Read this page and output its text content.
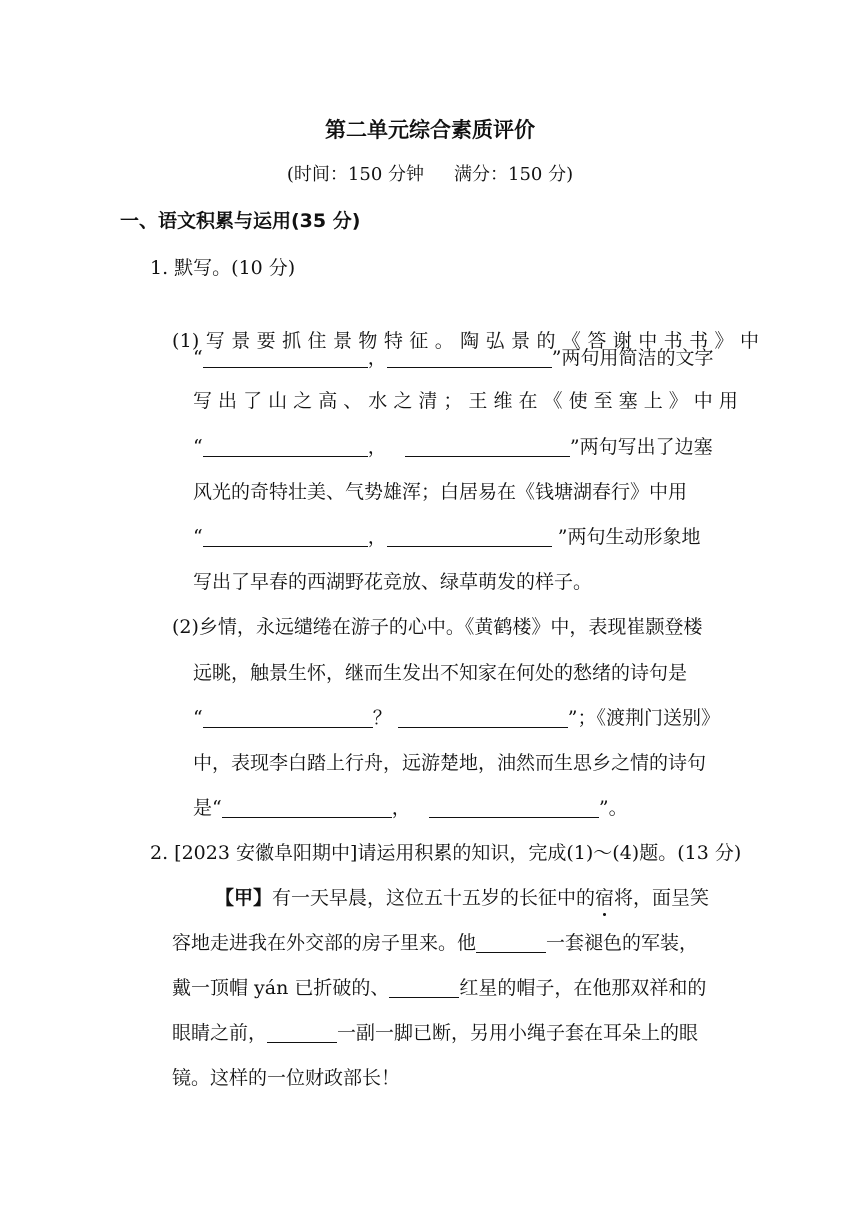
第二单元综合素质评价
(时间：150 分钟 满分：150 分)
一、语文积累与运用(35 分)
1. 默写。(10 分)
(1) 写 景 要 抓 住 景 物 特 征 。 陶 弘 景 的 《 答 谢 中 书 书 》 中
“	，	”两句用简洁的文字
写 出 了 山 之 高 、 水 之 清 ； 王 维 在 《 使 至 塞 上 》 中 用
“	，	”两句写出了边塞
风光的奇特壮美、气势雄浑；白居易在《钱塘湖春行》中用
“	，	”两句生动形象地
写出了早春的西湖野花竞放、绿草萌发的样子。
(2)乡情，永远缱绻在游子的心中。《黄鹤楼》中，表现崔颢登楼
远眺，触景生怀，继而生发出不知家在何处的愁绪的诗句是
“	？	”；《渡荆门送别》
中，表现李白踏上行舟，远游楚地，油然而生思乡之情的诗句
是“	，	”。
2. [2023 安徽阜阳期中]请运用积累的知识，完成(1)～(4)题。(13 分)
【甲】有一天早晨，这位五十五岁的长征中的宿将，面呈笑
容地走进我在外交部的房子里来。他	一套褪色的军装，
戴一顶帽 yán 已折破的、	红星的帽子，在他那双祥和的
眼睛之前，	一副一脚已断，另用小绳子套在耳朵上的眼
镜。这样的一位财政部长！
